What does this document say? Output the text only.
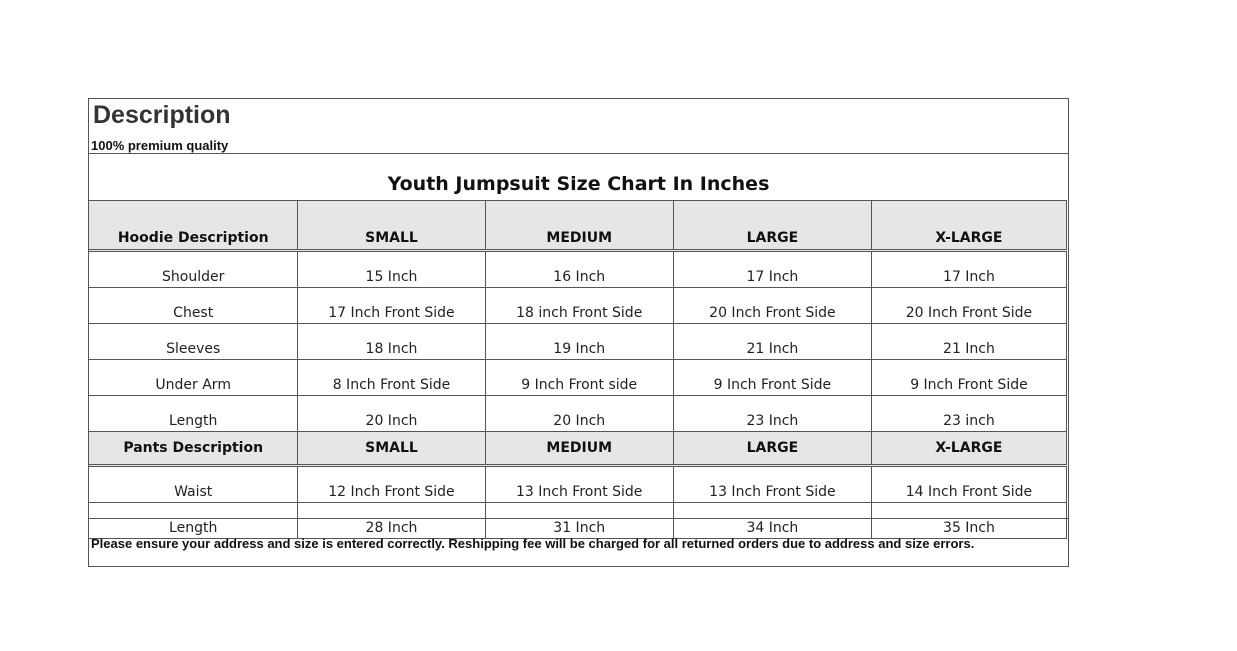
Description
100% premium quality
Youth Jumpsuit Size Chart In Inches
Hoodie Description	SMALL	MEDIUM	LARGE	X-LARGE
Shoulder	15 Inch	16 Inch	17 Inch	17 Inch
Chest	17 Inch Front Side	18 inch Front Side	20 Inch Front Side	20 Inch Front Side
Sleeves	18 Inch	19 Inch	21 Inch	21 Inch
Under Arm	8 Inch Front Side	9 Inch Front side	9 Inch Front Side	9 Inch Front Side
Length	20 Inch	20 Inch	23 Inch	23 inch
Pants Description	SMALL	MEDIUM	LARGE	X-LARGE
Waist	12 Inch Front Side	13 Inch Front Side	13 Inch Front Side	14 Inch Front Side
Length	28 Inch	31 Inch	34 Inch	35 Inch
Please ensure your address and size is entered correctly. Reshipping fee will be charged for all returned orders due to address and size errors.
